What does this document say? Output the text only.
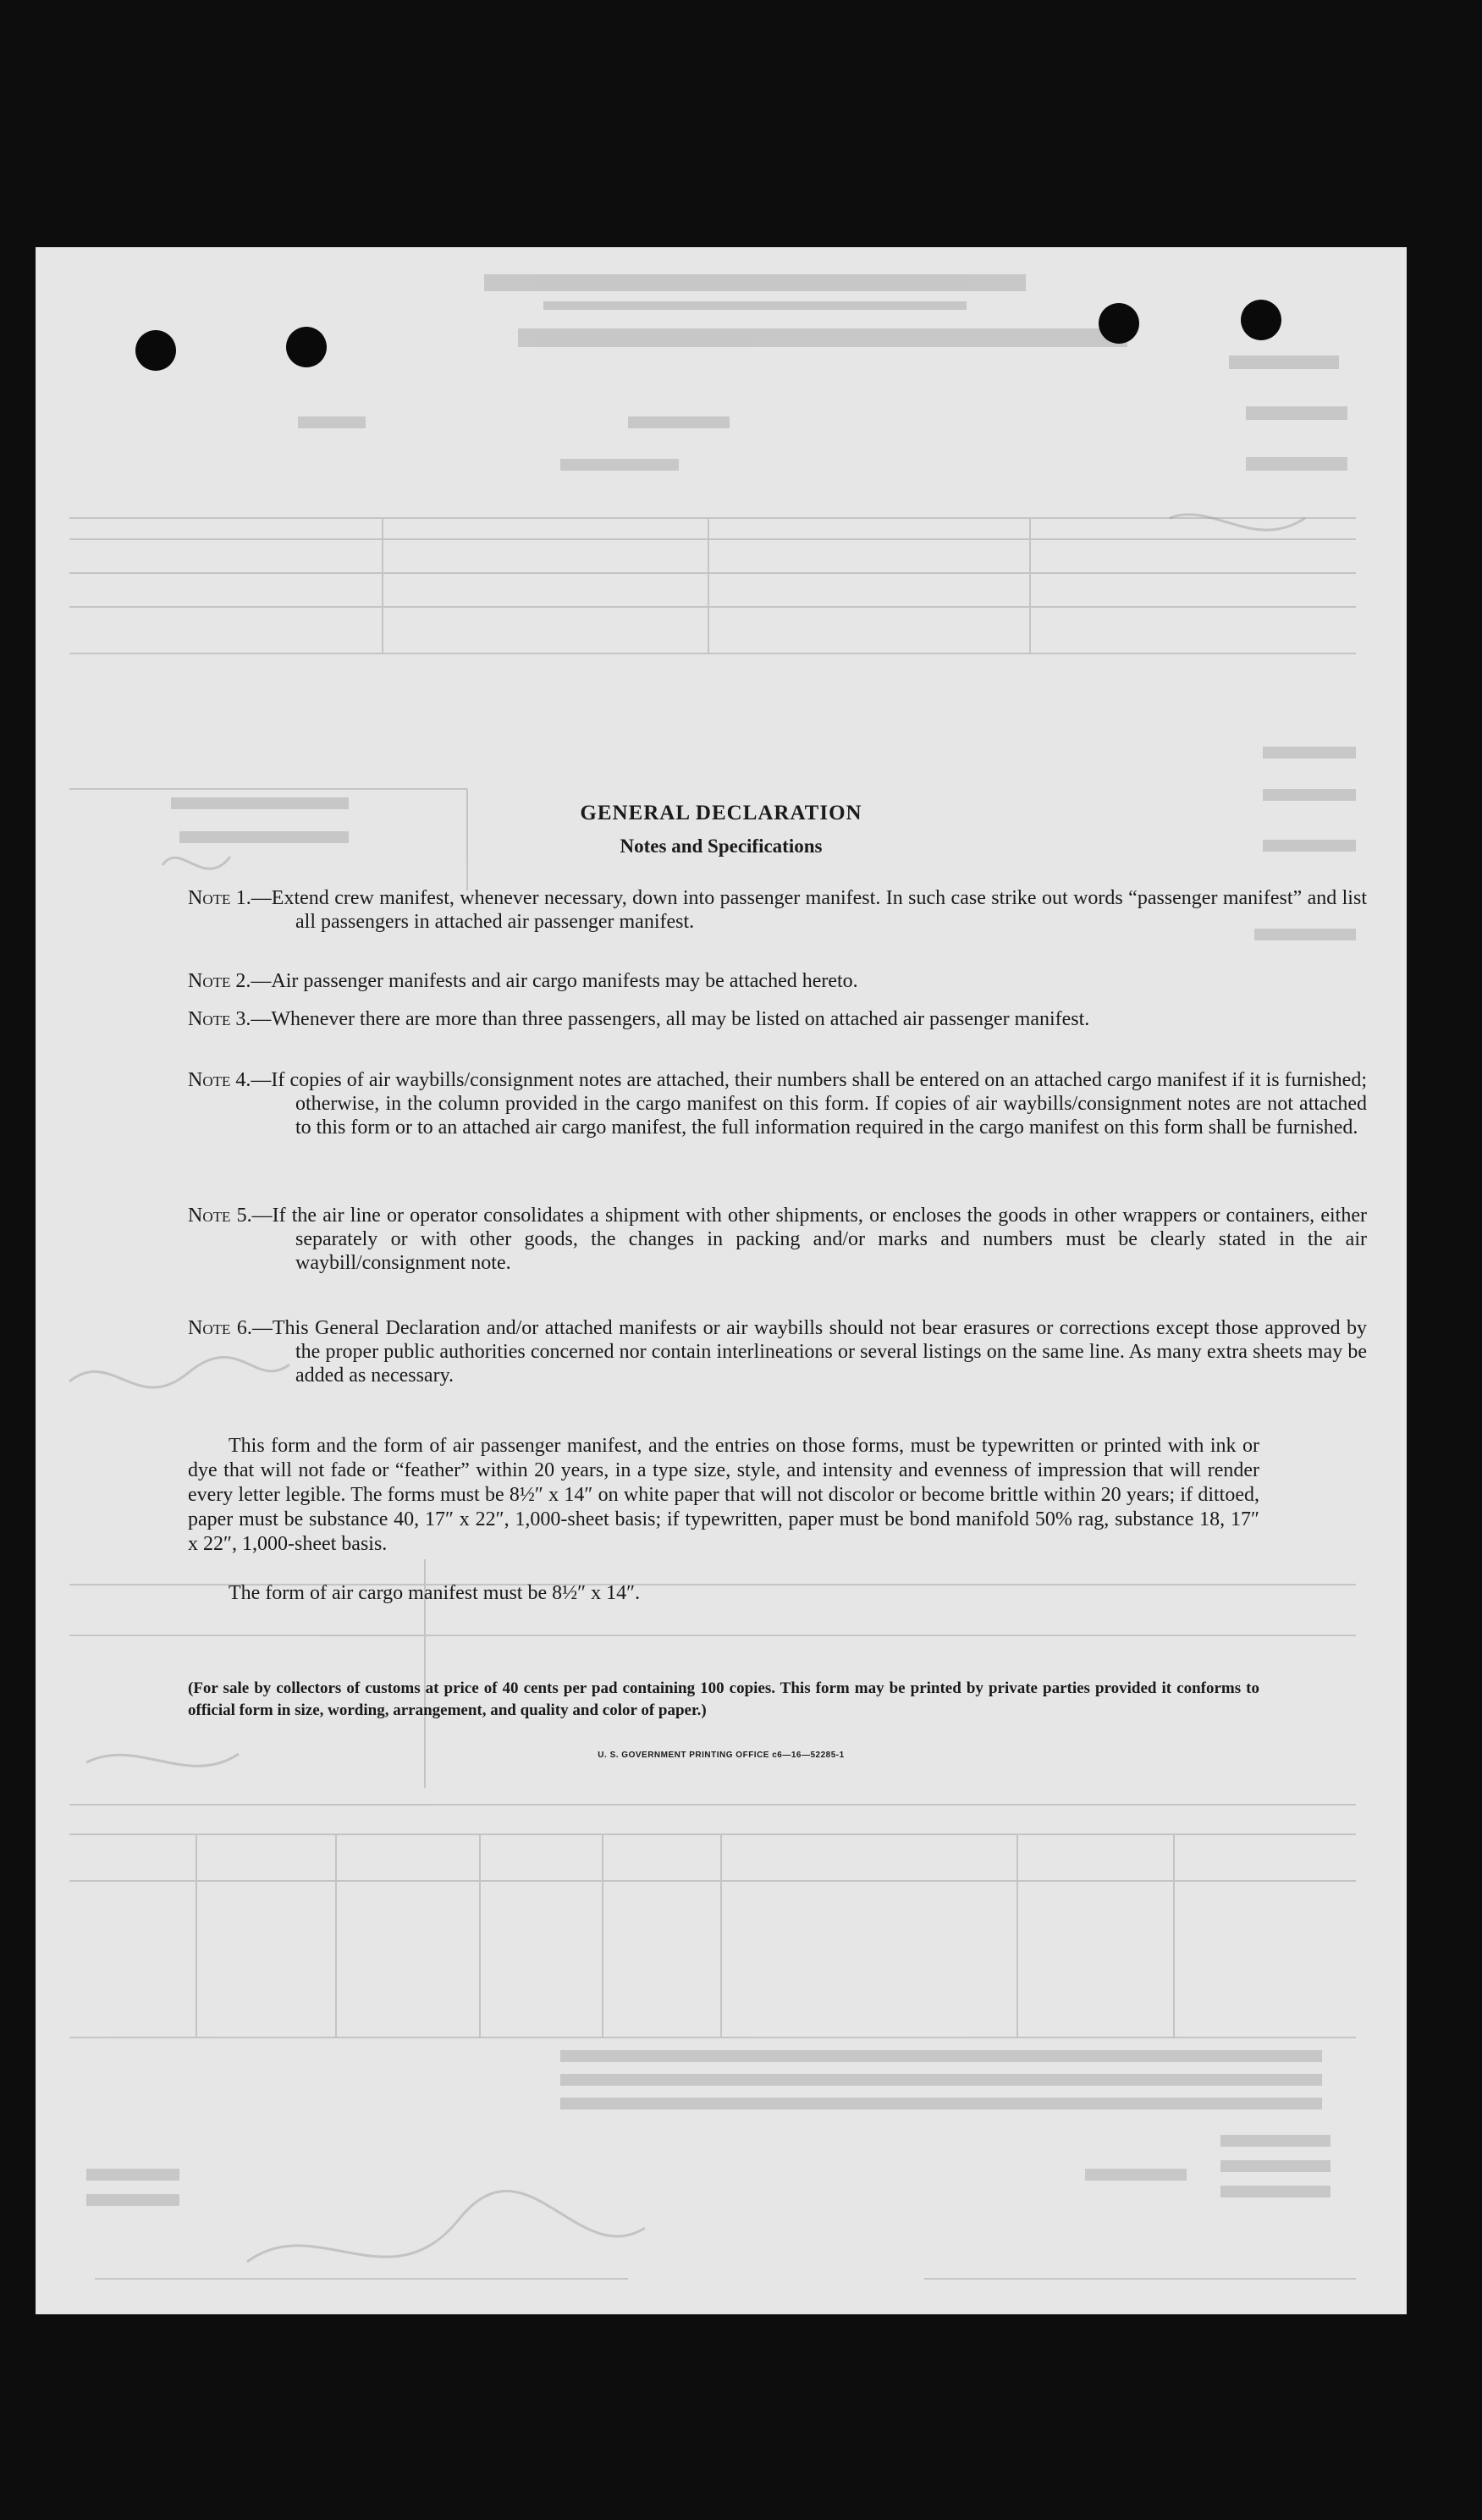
GENERAL DECLARATION
Notes and Specifications
Note 1.—Extend crew manifest, whenever necessary, down into passenger manifest. In such case strike out words “passenger manifest” and list all passengers in attached air passenger manifest.
Note 2.—Air passenger manifests and air cargo manifests may be attached hereto.
Note 3.—Whenever there are more than three passengers, all may be listed on attached air passenger manifest.
Note 4.—If copies of air waybills/consignment notes are attached, their numbers shall be entered on an attached cargo manifest if it is furnished; otherwise, in the column provided in the cargo manifest on this form. If copies of air waybills/consignment notes are not attached to this form or to an attached air cargo manifest, the full information required in the cargo manifest on this form shall be furnished.
Note 5.—If the air line or operator consolidates a shipment with other shipments, or encloses the goods in other wrappers or containers, either separately or with other goods, the changes in packing and/or marks and numbers must be clearly stated in the air waybill/consignment note.
Note 6.—This General Declaration and/or attached manifests or air waybills should not bear erasures or corrections except those approved by the proper public authorities concerned nor contain interlineations or several listings on the same line. As many extra sheets may be added as necessary.
This form and the form of air passenger manifest, and the entries on those forms, must be typewritten or printed with ink or dye that will not fade or “feather” within 20 years, in a type size, style, and intensity and evenness of impression that will render every letter legible. The forms must be 8½″ x 14″ on white paper that will not discolor or become brittle within 20 years; if dittoed, paper must be substance 40, 17″ x 22″, 1,000-sheet basis; if typewritten, paper must be bond manifold 50% rag, substance 18, 17″ x 22″, 1,000-sheet basis.
The form of air cargo manifest must be 8½″ x 14″.
(For sale by collectors of customs at price of 40 cents per pad containing 100 copies. This form may be printed by private parties provided it conforms to official form in size, wording, arrangement, and quality and color of paper.)
U. S. GOVERNMENT PRINTING OFFICE c6—16—52285-1
